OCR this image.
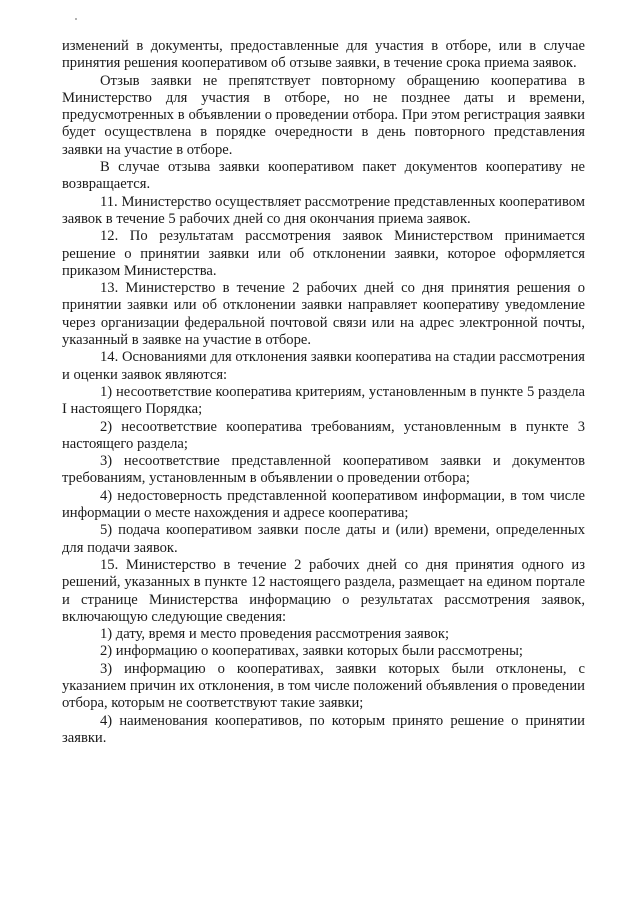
изменений в документы, предоставленные для участия в отборе, или в случае принятия решения кооперативом об отзыве заявки, в течение срока приема заявок.

Отзыв заявки не препятствует повторному обращению кооператива в Министерство для участия в отборе, но не позднее даты и времени, предусмотренных в объявлении о проведении отбора. При этом регистрация заявки будет осуществлена в порядке очередности в день повторного представления заявки на участие в отборе.

В случае отзыва заявки кооперативом пакет документов кооперативу не возвращается.

11. Министерство осуществляет рассмотрение представленных кооперативом заявок в течение 5 рабочих дней со дня окончания приема заявок.

12. По результатам рассмотрения заявок Министерством принимается решение о принятии заявки или об отклонении заявки, которое оформляется приказом Министерства.

13. Министерство в течение 2 рабочих дней со дня принятия решения о принятии заявки или об отклонении заявки направляет кооперативу уведомление через организации федеральной почтовой связи или на адрес электронной почты, указанный в заявке на участие в отборе.

14. Основаниями для отклонения заявки кооператива на стадии рассмотрения и оценки заявок являются:

1) несоответствие кооператива критериям, установленным в пункте 5 раздела I настоящего Порядка;

2) несоответствие кооператива требованиям, установленным в пункте 3 настоящего раздела;

3) несоответствие представленной кооперативом заявки и документов требованиям, установленным в объявлении о проведении отбора;

4) недостоверность представленной кооперативом информации, в том числе информации о месте нахождения и адресе кооператива;

5) подача кооперативом заявки после даты и (или) времени, определенных для подачи заявок.

15. Министерство в течение 2 рабочих дней со дня принятия одного из решений, указанных в пункте 12 настоящего раздела, размещает на едином портале и странице Министерства информацию о результатах рассмотрения заявок, включающую следующие сведения:

1) дату, время и место проведения рассмотрения заявок;

2) информацию о кооперативах, заявки которых были рассмотрены;

3) информацию о кооперативах, заявки которых были отклонены, с указанием причин их отклонения, в том числе положений объявления о проведении отбора, которым не соответствуют такие заявки;

4) наименования кооперативов, по которым принято решение о принятии заявки.
